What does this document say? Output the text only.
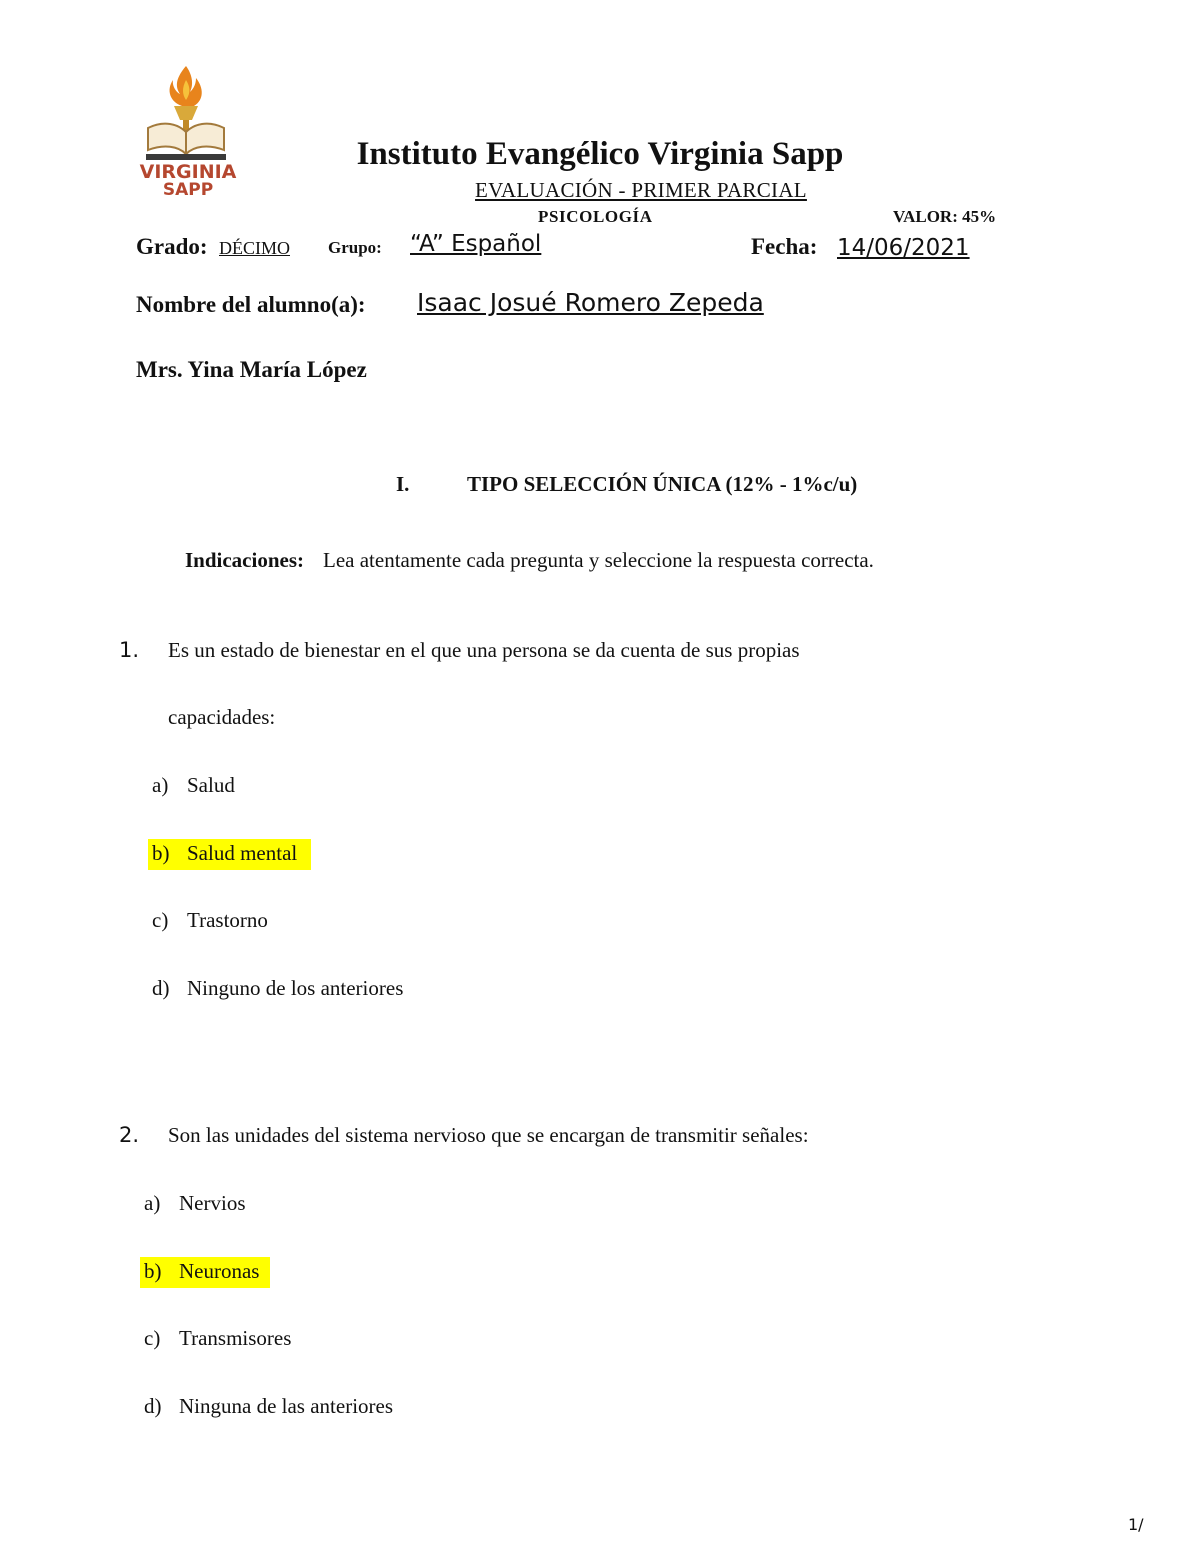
VIRGINIA
SAPP
Instituto Evangélico Virginia Sapp
EVALUACIÓN - PRIMER PARCIAL
PSICOLOGÍA	VALOR: 45%
Grado: DÉCIMO	Grupo: “A” Español	Fecha: 14/06/2021
Nombre del alumno(a): Isaac Josué Romero Zepeda
Mrs. Yina María López
I.	TIPO SELECCIÓN ÚNICA (12% - 1%c/u)
Indicaciones: Lea atentamente cada pregunta y seleccione la respuesta correcta.
1. Es un estado de bienestar en el que una persona se da cuenta de sus propias
capacidades:
a) Salud
b) Salud mental
c) Trastorno
d) Ninguno de los anteriores
2. Son las unidades del sistema nervioso que se encargan de transmitir señales:
a) Nervios
b) Neuronas
c) Transmisores
d) Ninguna de las anteriores
1/
